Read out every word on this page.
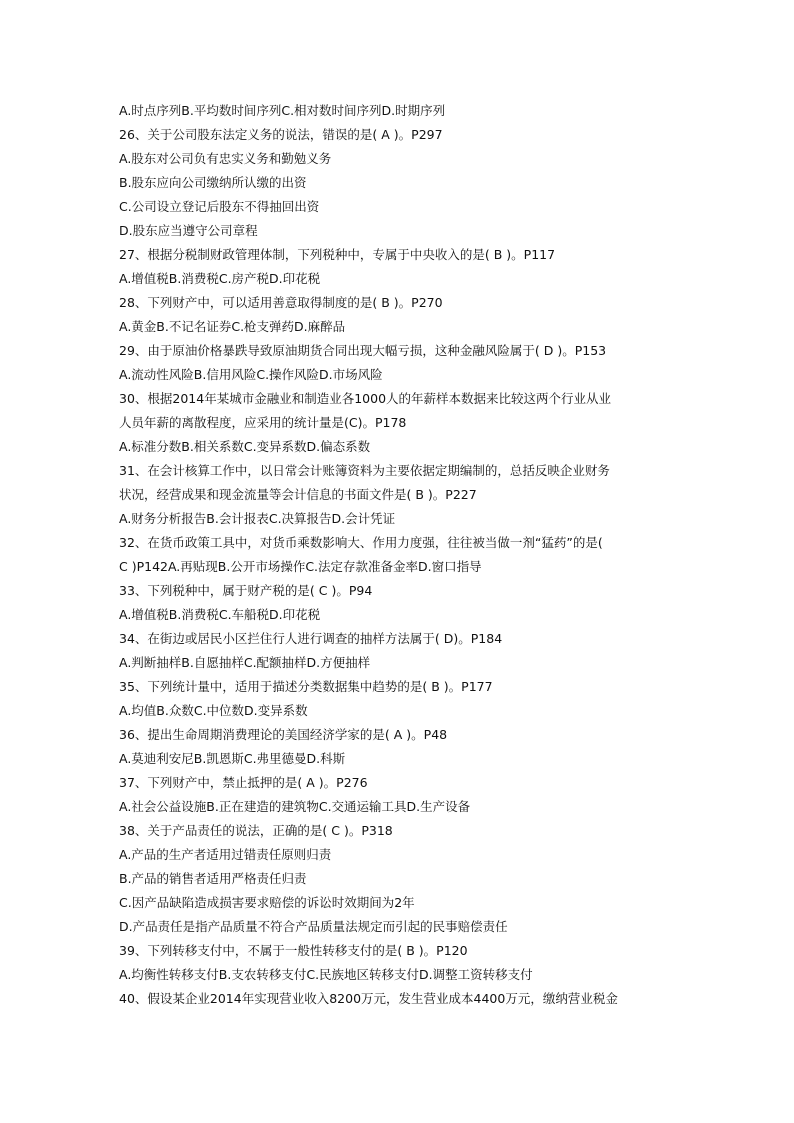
A.时点序列B.平均数时间序列C.相对数时间序列D.时期序列
26、关于公司股东法定义务的说法，错误的是( A )。P297
A.股东对公司负有忠实义务和勤勉义务
B.股东应向公司缴纳所认缴的出资
C.公司设立登记后股东不得抽回出资
D.股东应当遵守公司章程
27、根据分税制财政管理体制，下列税种中，专属于中央收入的是( B )。P117
A.增值税B.消费税C.房产税D.印花税
28、下列财产中，可以适用善意取得制度的是( B )。P270
A.黄金B.不记名证券C.枪支弹药D.麻醉品
29、由于原油价格暴跌导致原油期货合同出现大幅亏损，这种金融风险属于( D )。P153
A.流动性风险B.信用风险C.操作风险D.市场风险
30、根据2014年某城市金融业和制造业各1000人的年薪样本数据来比较这两个行业从业
人员年薪的离散程度，应采用的统计量是(C)。P178
A.标准分数B.相关系数C.变异系数D.偏态系数
31、在会计核算工作中，以日常会计账簿资料为主要依据定期编制的，总括反映企业财务
状况，经营成果和现金流量等会计信息的书面文件是( B )。P227
A.财务分析报告B.会计报表C.决算报告D.会计凭证
32、在货币政策工具中，对货币乘数影响大、作用力度强，往往被当做一剂“猛药”的是(
C )P142A.再贴现B.公开市场操作C.法定存款准备金率D.窗口指导
33、下列税种中，属于财产税的是( C )。P94
A.增值税B.消费税C.车船税D.印花税
34、在街边或居民小区拦住行人进行调查的抽样方法属于( D)。P184
A.判断抽样B.自愿抽样C.配额抽样D.方便抽样
35、下列统计量中，适用于描述分类数据集中趋势的是( B )。P177
A.均值B.众数C.中位数D.变异系数
36、提出生命周期消费理论的美国经济学家的是( A )。P48
A.莫迪利安尼B.凯恩斯C.弗里德曼D.科斯
37、下列财产中，禁止抵押的是( A )。P276
A.社会公益设施B.正在建造的建筑物C.交通运输工具D.生产设备
38、关于产品责任的说法，正确的是( C )。P318
A.产品的生产者适用过错责任原则归责
B.产品的销售者适用严格责任归责
C.因产品缺陷造成损害要求赔偿的诉讼时效期间为2年
D.产品责任是指产品质量不符合产品质量法规定而引起的民事赔偿责任
39、下列转移支付中，不属于一般性转移支付的是( B )。P120
A.均衡性转移支付B.支农转移支付C.民族地区转移支付D.调整工资转移支付
40、假设某企业2014年实现营业收入8200万元，发生营业成本4400万元，缴纳营业税金
